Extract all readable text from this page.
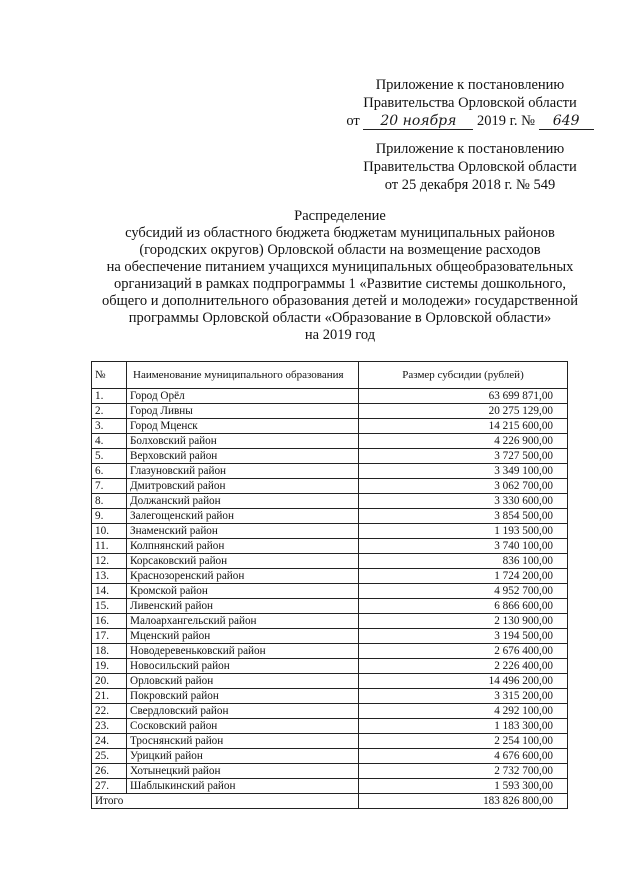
Приложение к постановлению
Правительства Орловской области
от 20 ноября 2019 г. № 649
Приложение к постановлению
Правительства Орловской области
от 25 декабря 2018 г. № 549
Распределение
субсидий из областного бюджета бюджетам муниципальных районов
(городских округов) Орловской области на возмещение расходов
на обеспечение питанием учащихся муниципальных общеобразовательных
организаций в рамках подпрограммы 1 «Развитие системы дошкольного,
общего и дополнительного образования детей и молодежи» государственной
программы Орловской области «Образование в Орловской области»
на 2019 год
№	Наименование муниципального образования	Размер субсидии (рублей)
1.	Город Орёл	63 699 871,00
2.	Город Ливны	20 275 129,00
3.	Город Мценск	14 215 600,00
4.	Болховский район	4 226 900,00
5.	Верховский район	3 727 500,00
6.	Глазуновский район	3 349 100,00
7.	Дмитровский район	3 062 700,00
8.	Должанский район	3 330 600,00
9.	Залегощенский район	3 854 500,00
10.	Знаменский район	1 193 500,00
11.	Колпнянский район	3 740 100,00
12.	Корсаковский район	836 100,00
13.	Краснозоренский район	1 724 200,00
14.	Кромской район	4 952 700,00
15.	Ливенский район	6 866 600,00
16.	Малоархангельский район	2 130 900,00
17.	Мценский район	3 194 500,00
18.	Новодеревеньковский район	2 676 400,00
19.	Новосильский район	2 226 400,00
20.	Орловский район	14 496 200,00
21.	Покровский район	3 315 200,00
22.	Свердловский район	4 292 100,00
23.	Сосковский район	1 183 300,00
24.	Троснянский район	2 254 100,00
25.	Урицкий район	4 676 600,00
26.	Хотынецкий район	2 732 700,00
27.	Шаблыкинский район	1 593 300,00
Итого		183 826 800,00
